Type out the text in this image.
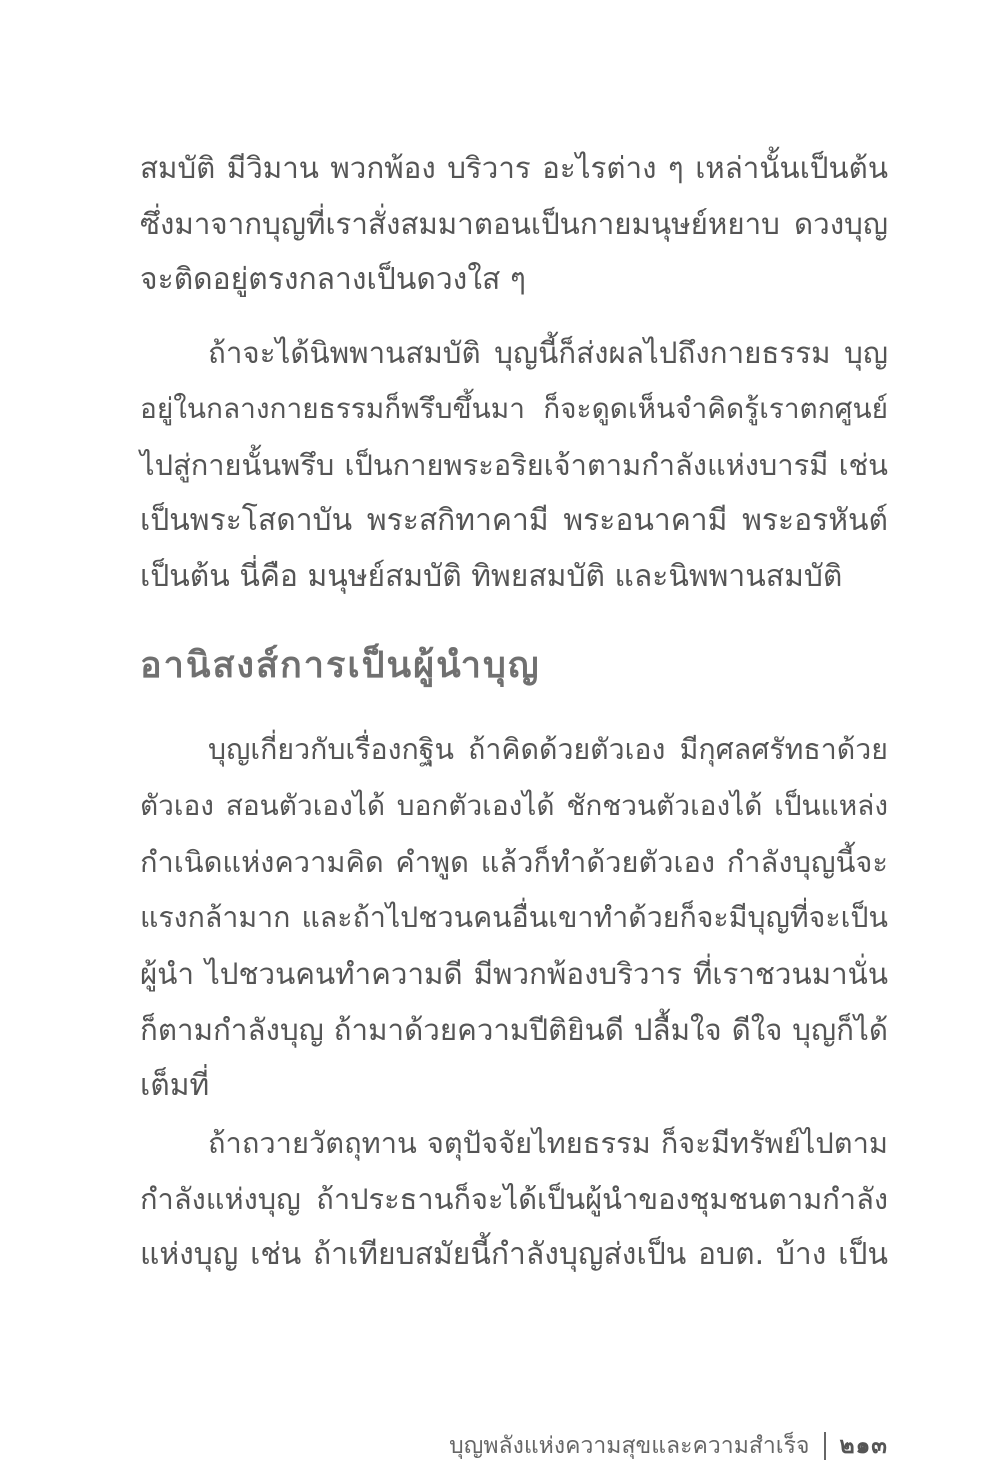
สมบัติ มีวิมาน พวกพ้อง บริวาร อะไรต่าง ๆ เหล่านั้นเป็นต้น
ซึ่งมาจากบุญที่เราสั่งสมมาตอนเป็นกายมนุษย์หยาบ ดวงบุญ
จะติดอยู่ตรงกลางเป็นดวงใส ๆ
ถ้าจะได้นิพพานสมบัติ บุญนี้ก็ส่งผลไปถึงกายธรรม บุญ
อยู่ในกลางกายธรรมก็พรึบขึ้นมา ก็จะดูดเห็นจำคิดรู้เราตกศูนย์
ไปสู่กายนั้นพรึบ เป็นกายพระอริยเจ้าตามกำลังแห่งบารมี เช่น
เป็นพระโสดาบัน พระสกิทาคามี พระอนาคามี พระอรหันต์
เป็นต้น นี่คือ มนุษย์สมบัติ ทิพยสมบัติ และนิพพานสมบัติ
อานิสงส์การเป็นผู้นำบุญ
บุญเกี่ยวกับเรื่องกฐิน ถ้าคิดด้วยตัวเอง มีกุศลศรัทธาด้วย
ตัวเอง สอนตัวเองได้ บอกตัวเองได้ ชักชวนตัวเองได้ เป็นแหล่ง
กำเนิดแห่งความคิด คำพูด แล้วก็ทำด้วยตัวเอง กำลังบุญนี้จะ
แรงกล้ามาก และถ้าไปชวนคนอื่นเขาทำด้วยก็จะมีบุญที่จะเป็น
ผู้นำ ไปชวนคนทำความดี มีพวกพ้องบริวาร ที่เราชวนมานั่น
ก็ตามกำลังบุญ ถ้ามาด้วยความปีติยินดี ปลื้มใจ ดีใจ บุญก็ได้
เต็มที่
ถ้าถวายวัตถุทาน จตุปัจจัยไทยธรรม ก็จะมีทรัพย์ไปตาม
กำลังแห่งบุญ ถ้าประธานก็จะได้เป็นผู้นำของชุมชนตามกำลัง
แห่งบุญ เช่น ถ้าเทียบสมัยนี้กำลังบุญส่งเป็น อบต. บ้าง เป็น
บุญพลังแห่งความสุขและความสำเร็จ ๒๑๓
